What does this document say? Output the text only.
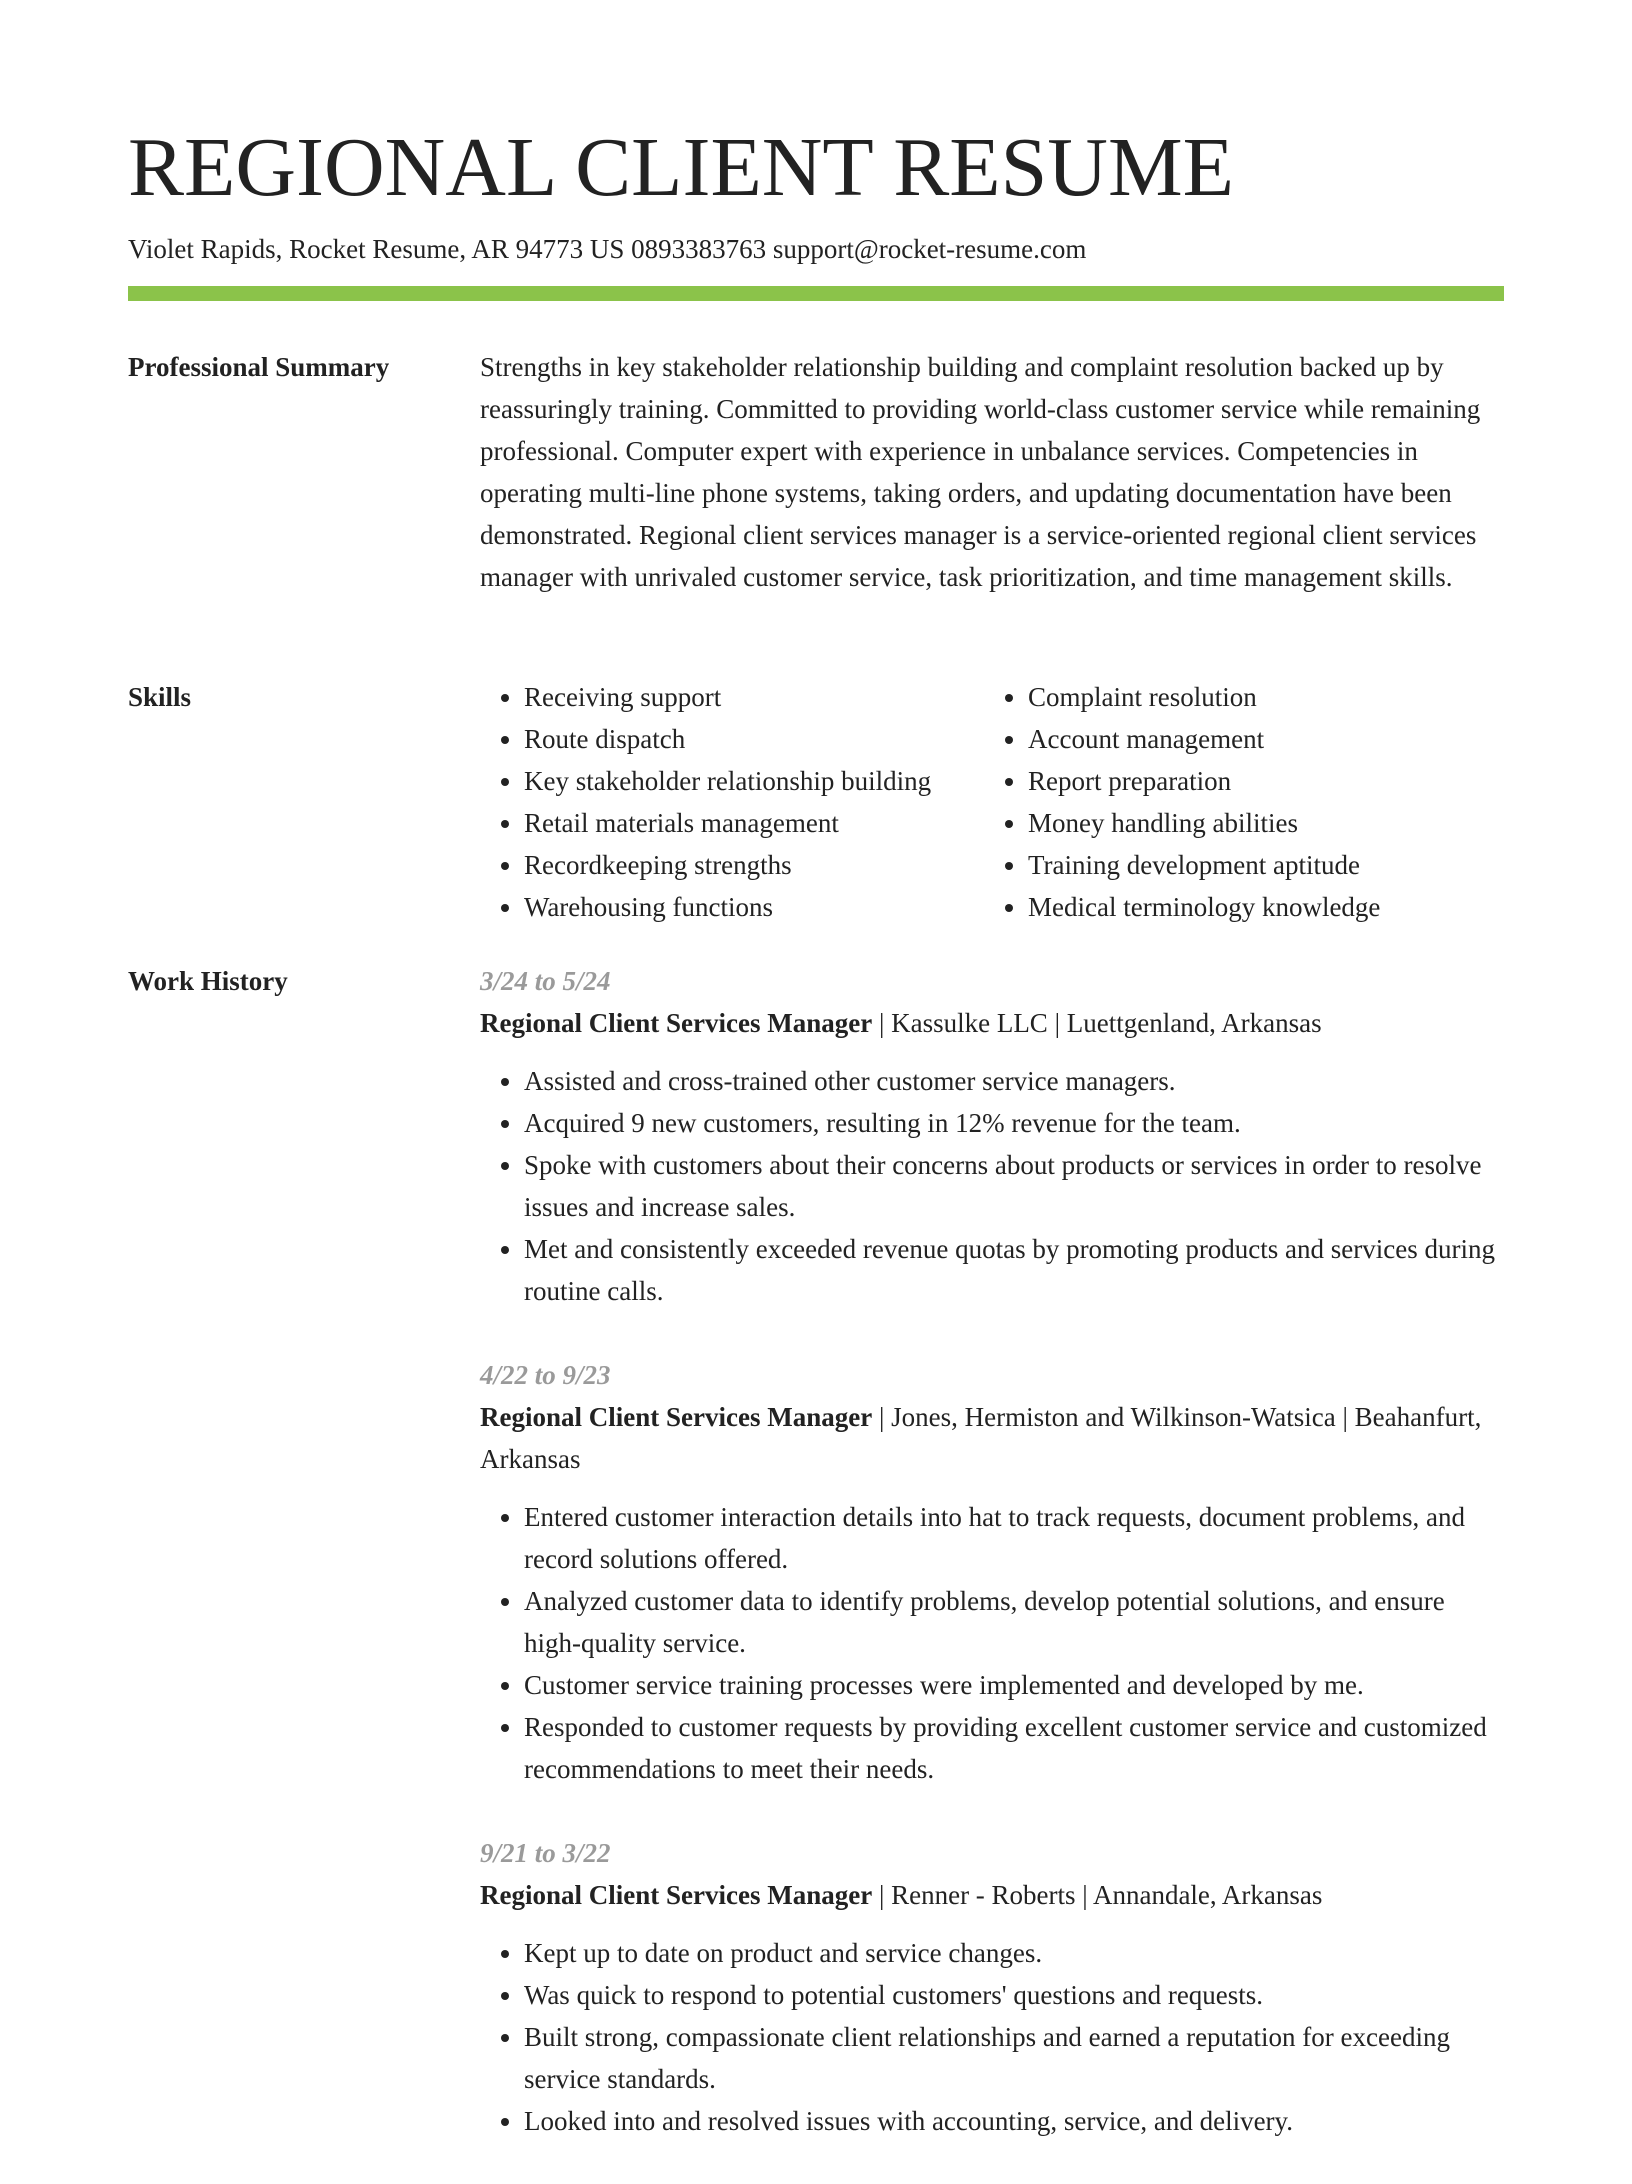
REGIONAL CLIENT RESUME
Violet Rapids, Rocket Resume, AR 94773 US 0893383763 support@rocket-resume.com
Professional Summary	Strengths in key stakeholder relationship building and complaint resolution backed up by reassuringly training. Committed to providing world-class customer service while remaining professional. Computer expert with experience in unbalance services. Competencies in operating multi-line phone systems, taking orders, and updating documentation have been demonstrated. Regional client services manager is a service-oriented regional client services manager with unrivaled customer service, task prioritization, and time management skills.

Skills
•	Receiving support
• Route dispatch
• Key stakeholder relationship building
• Retail materials management
• Recordkeeping strengths
• Warehousing functions
• Complaint resolution
• Account management
• Report preparation
• Money handling abilities
• Training development aptitude
• Medical terminology knowledge
Work History	3/24 to 5/24
Regional Client Services Manager | Kassulke LLC | Luettgenland, Arkansas
• Assisted and cross-trained other customer service managers.
• Acquired 9 new customers, resulting in 12% revenue for the team.
• Spoke with customers about their concerns about products or services in order to resolve issues and increase sales.
• Met and consistently exceeded revenue quotas by promoting products and services during routine calls.
4/22 to 9/23
Regional Client Services Manager | Jones, Hermiston and Wilkinson-Watsica | Beahanfurt, Arkansas
• Entered customer interaction details into hat to track requests, document problems, and record solutions offered.
• Analyzed customer data to identify problems, develop potential solutions, and ensure high-quality service.
• Customer service training processes were implemented and developed by me.
• Responded to customer requests by providing excellent customer service and customized recommendations to meet their needs.
9/21 to 3/22
Regional Client Services Manager | Renner - Roberts | Annandale, Arkansas
• Kept up to date on product and service changes.
• Was quick to respond to potential customers' questions and requests.
• Built strong, compassionate client relationships and earned a reputation for exceeding service standards.
• Looked into and resolved issues with accounting, service, and delivery.
